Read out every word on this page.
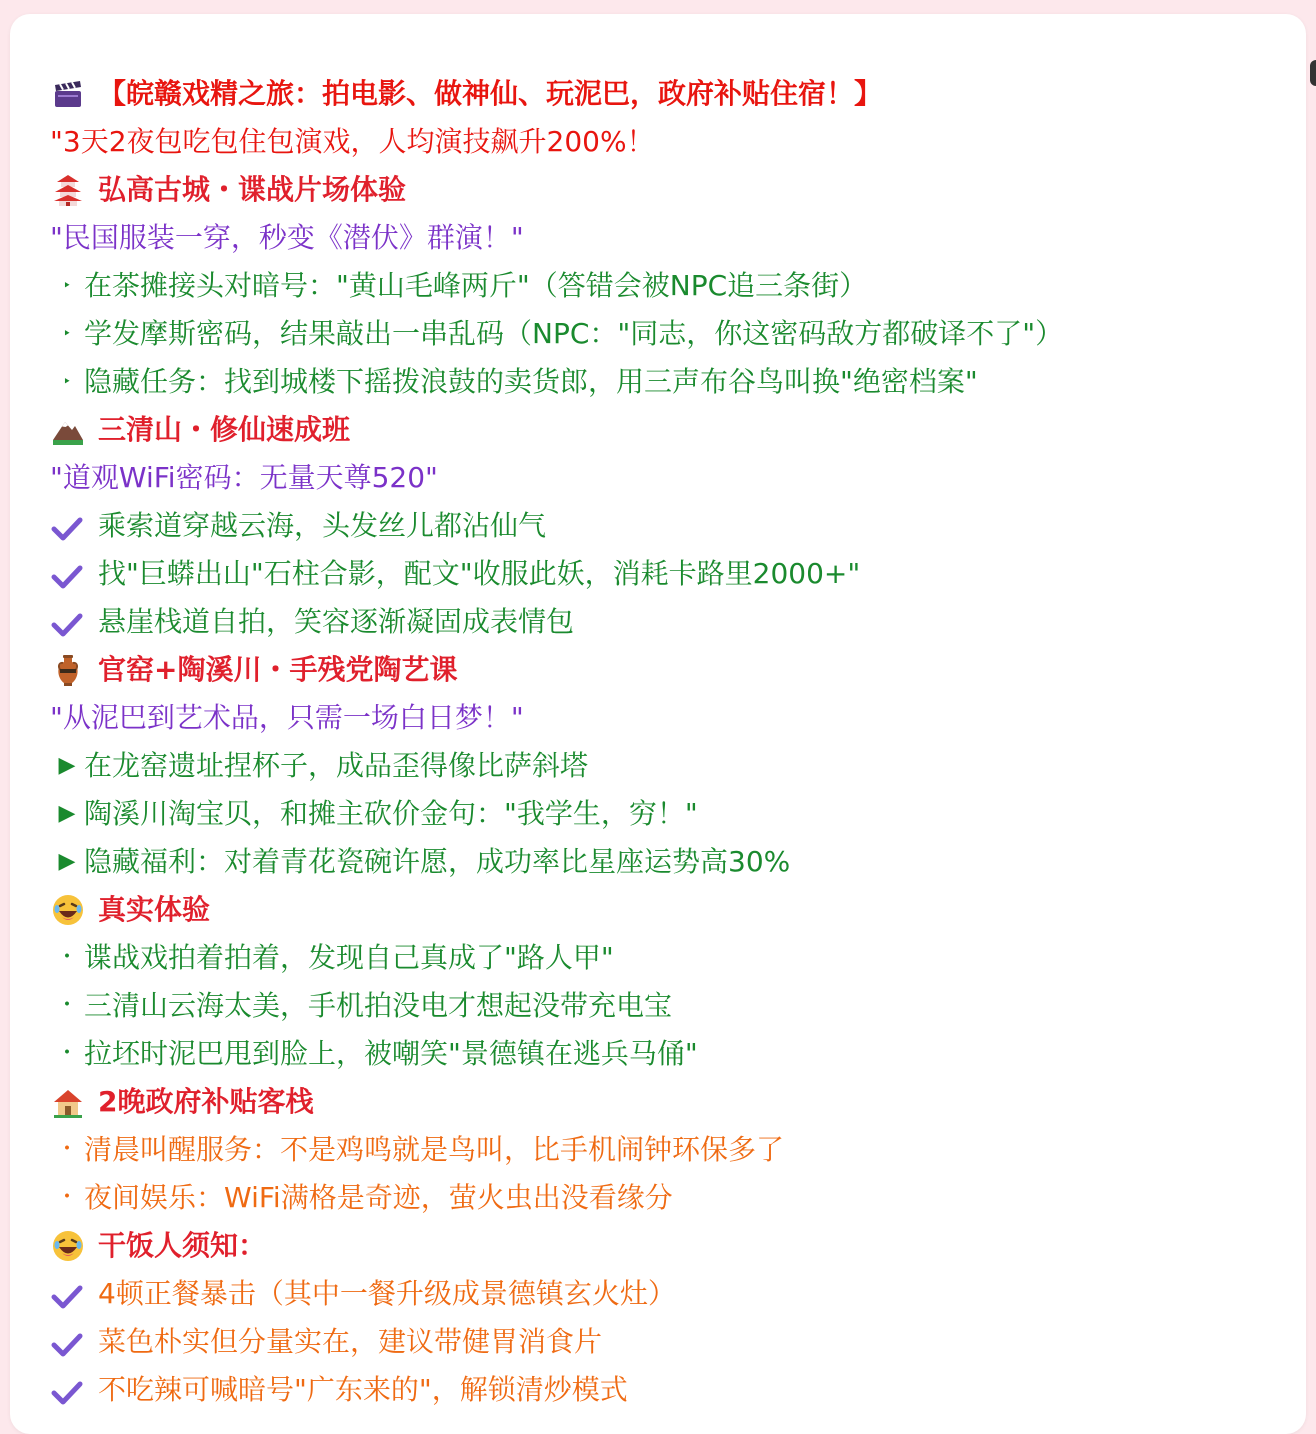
【皖赣戏精之旅：拍电影、做神仙、玩泥巴，政府补贴住宿！】
"3天2夜包吃包住包演戏，人均演技飙升200%！
弘高古城・谍战片场体验
"民国服装一穿，秒变《潜伏》群演！"
‣ 在茶摊接头对暗号："黄山毛峰两斤"（答错会被NPC追三条街）
‣ 学发摩斯密码，结果敲出一串乱码（NPC："同志，你这密码敌方都破译不了"）
‣ 隐藏任务：找到城楼下摇拨浪鼓的卖货郎，用三声布谷鸟叫换"绝密档案"
三清山・修仙速成班
"道观WiFi密码：无量天尊520"
乘索道穿越云海，头发丝儿都沾仙气
找"巨蟒出山"石柱合影，配文"收服此妖，消耗卡路里2000+"
悬崖栈道自拍，笑容逐渐凝固成表情包
官窑+陶溪川・手残党陶艺课
"从泥巴到艺术品，只需一场白日梦！"
▶ 在龙窑遗址捏杯子，成品歪得像比萨斜塔
▶ 陶溪川淘宝贝，和摊主砍价金句："我学生，穷！"
▶ 隐藏福利：对着青花瓷碗许愿，成功率比星座运势高30%
真实体验
・ 谍战戏拍着拍着，发现自己真成了"路人甲"
・ 三清山云海太美，手机拍没电才想起没带充电宝
・ 拉坯时泥巴甩到脸上，被嘲笑"景德镇在逃兵马俑"
2晚政府补贴客栈
・ 清晨叫醒服务：不是鸡鸣就是鸟叫，比手机闹钟环保多了
・ 夜间娱乐：WiFi满格是奇迹，萤火虫出没看缘分
干饭人须知：
4顿正餐暴击（其中一餐升级成景德镇玄火灶）
菜色朴实但分量实在，建议带健胃消食片
不吃辣可喊暗号"广东来的"，解锁清炒模式
